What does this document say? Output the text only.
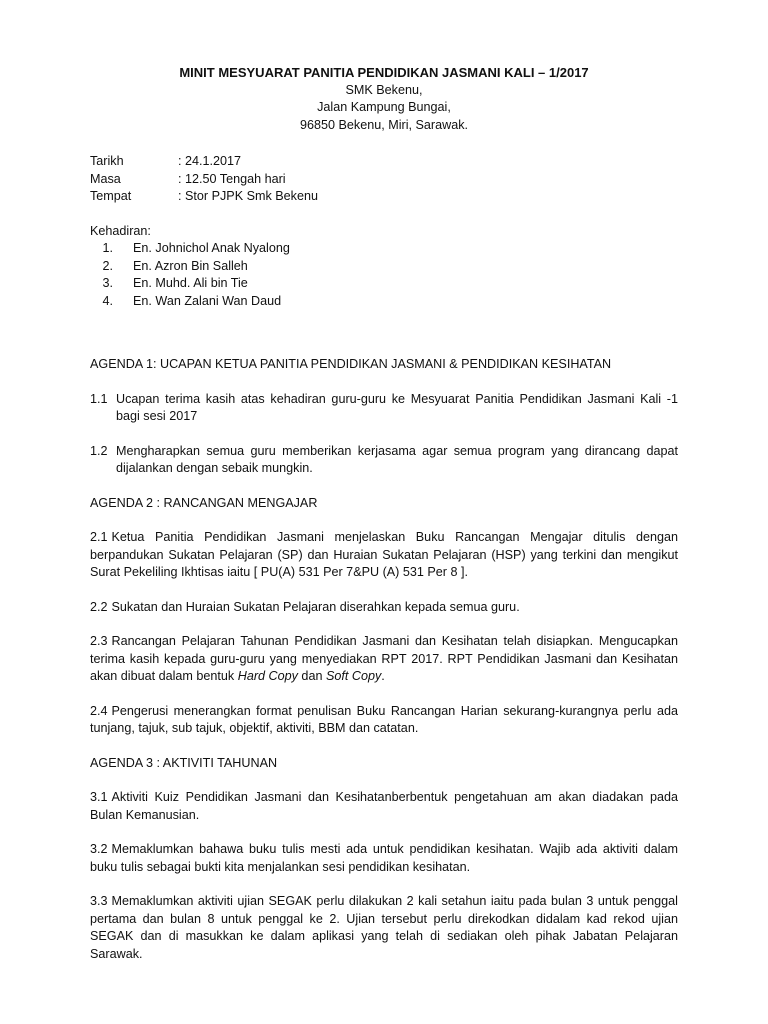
MINIT MESYUARAT PANITIA PENDIDIKAN JASMANI KALI – 1/2017

SMK Bekenu,

Jalan Kampung Bungai,

96850 Bekenu, Miri, Sarawak.

Tarikh	: 24.1.2017
Masa	: 12.50 Tengah hari
Tempat	: Stor PJPK Smk Bekenu
Kehadiran:
1. En. Johnichol Anak Nyalong
2. En. Azron Bin Salleh
3. En. Muhd. Ali bin Tie
4. En. Wan Zalani Wan Daud
AGENDA 1: UCAPAN KETUA PANITIA PENDIDIKAN JASMANI & PENDIDIKAN KESIHATAN
1.1 Ucapan terima kasih atas kehadiran guru-guru ke Mesyuarat Panitia Pendidikan Jasmani Kali -1 bagi sesi 2017
1.2 Mengharapkan semua guru memberikan kerjasama agar semua program yang dirancang dapat dijalankan dengan sebaik mungkin.
AGENDA 2 : RANCANGAN MENGAJAR
2.1 Ketua Panitia Pendidikan Jasmani menjelaskan Buku Rancangan Mengajar ditulis dengan berpandukan Sukatan Pelajaran (SP) dan Huraian Sukatan Pelajaran (HSP) yang terkini dan mengikut Surat Pekeliling Ikhtisas iaitu [ PU(A) 531 Per 7&PU (A) 531 Per 8 ].
2.2 Sukatan dan Huraian Sukatan Pelajaran diserahkan kepada semua guru.
2.3 Rancangan Pelajaran Tahunan Pendidikan Jasmani dan Kesihatan telah disiapkan. Mengucapkan terima kasih kepada guru-guru yang menyediakan RPT 2017. RPT Pendidikan Jasmani dan Kesihatan akan dibuat dalam bentuk Hard Copy dan Soft Copy.
2.4 Pengerusi menerangkan format penulisan Buku Rancangan Harian sekurang-kurangnya perlu ada tunjang, tajuk, sub tajuk, objektif, aktiviti, BBM dan catatan.
AGENDA 3 : AKTIVITI TAHUNAN
3.1 Aktiviti Kuiz Pendidikan Jasmani dan Kesihatanberbentuk pengetahuan am akan diadakan pada Bulan Kemanusian.
3.2 Memaklumkan bahawa buku tulis mesti ada untuk pendidikan kesihatan. Wajib ada aktiviti dalam buku tulis sebagai bukti kita menjalankan sesi pendidikan kesihatan.
3.3 Memaklumkan aktiviti ujian SEGAK perlu dilakukan 2 kali setahun iaitu pada bulan 3 untuk penggal pertama dan bulan 8 untuk penggal ke 2. Ujian tersebut perlu direkodkan didalam kad rekod ujian SEGAK dan di masukkan ke dalam aplikasi yang telah di sediakan oleh pihak Jabatan Pelajaran Sarawak.
